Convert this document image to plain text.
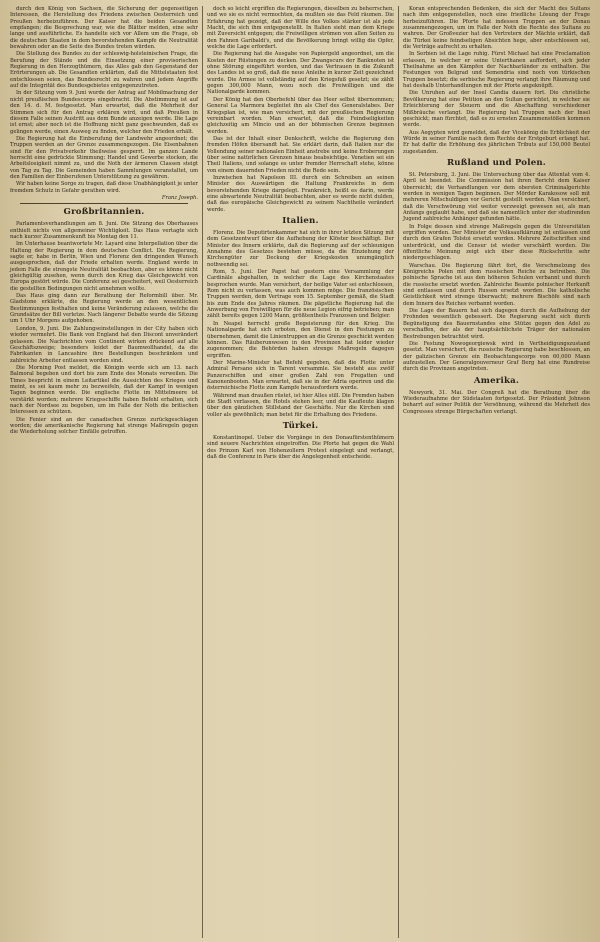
durch den König von Sachsen, die Sicherung der gegenseitigen Interessen, die Herstellung des Friedens zwischen Oesterreich und Preußen herbeizuführen. Der Kaiser hat die beiden Gesandten empfangen; die Besprechung war, wie die Blätter melden, eine sehr lange und ausführliche. Es handelte sich vor Allem um die Frage, ob die deutschen Staaten in dem bevorstehenden Kampfe die Neutralität bewahren oder an die Seite des Bundes treten würden.

Die Stellung des Bundes zu der schleswig-holsteinischen Frage, die Berufung der Stände und die Einsetzung einer provisorischen Regierung in den Herzogthümern, das Alles gab den Gegenstand der Erörterungen ab. Die Gesandten erklärten, daß die Mittelstaaten fest entschlossen seien, das Bundesrecht zu wahren und jedem Angriffe auf die Integrität des Bundesgebietes entgegenzutreten.

In der Sitzung vom 9. Juni wurde der Antrag auf Mobilmachung der nicht preußischen Bundescorps eingebracht. Die Abstimmung ist auf den 14. d. M. festgesetzt. Man erwartet, daß die Mehrheit der Stimmen sich für den Antrag erklären wird, und daß Preußen in diesem Falle seinen Austritt aus dem Bunde anzeigen werde. Die Lage ist ernst; aber noch ist die Hoffnung nicht ganz geschwunden, daß es gelingen werde, einen Ausweg zu finden, welcher den Frieden erhält.

Die Regierung hat die Einberufung der Landwehr angeordnet; die Truppen werden an der Grenze zusammengezogen. Die Eisenbahnen sind für den Privatverkehr theilweise gesperrt. Im ganzen Lande herrscht eine gedrückte Stimmung; Handel und Gewerbe stocken, die Arbeitslosigkeit nimmt zu, und die Noth der ärmeren Classen steigt von Tag zu Tag. Die Gemeinden haben Sammlungen veranstaltet, um den Familien der Einberufenen Unterstützung zu gewähren.

Wir haben keine Sorge zu tragen, daß diese Unabhängigkeit je unter fremdem Schutz in Gefahr gerathen wird.

Franz Joseph.
Großbritannien.

Parlamentsverhandlungen am 8. Juni. Die Sitzung des Oberhauses enthielt nichts von allgemeiner Wichtigkeit. Das Haus vertagte sich nach kurzer Zusammenkunft bis Montag den 11.

Im Unterhause beantwortete Mr. Layard eine Interpellation über die Haltung der Regierung in dem deutschen Conflict. Die Regierung, sagte er, habe in Berlin, Wien und Florenz den dringenden Wunsch ausgesprochen, daß der Friede erhalten werde. England werde in jedem Falle die strengste Neutralität beobachten, aber es könne nicht gleichgültig zusehen, wenn durch den Krieg das Gleichgewicht von Europa gestört würde. Die Conferenz sei gescheitert, weil Oesterreich die gestellten Bedingungen nicht annehmen wollte.

Das Haus ging dann zur Berathung der Reformbill über. Mr. Gladstone erklärte, die Regierung werde an den wesentlichen Bestimmungen festhalten und keine Veränderung zulassen, welche die Grundsätze der Bill verletze. Nach längerer Debatte wurde die Sitzung um 1 Uhr Morgens aufgehoben.

London, 9. Juni. Die Zahlungseinstellungen in der City haben sich wieder vermehrt. Die Bank von England hat den Discont unverändert gelassen. Die Nachrichten vom Continent wirken drückend auf alle Geschäftszweige; besonders leidet der Baumwollhandel, da die Fabrikanten in Lancashire ihre Bestellungen beschränken und zahlreiche Arbeiter entlassen worden sind.

Die Morning Post meldet, die Königin werde sich am 13. nach Balmoral begeben und dort bis zum Ende des Monats verweilen. Die Times bespricht in einem Leitartikel die Aussichten des Krieges und meint, es sei kaum mehr zu bezweifeln, daß der Kampf in wenigen Tagen beginnen werde. Die englische Flotte im Mittelmeere ist verstärkt worden; mehrere Kriegsschiffe haben Befehl erhalten, sich nach der Nordsee zu begeben, um im Falle der Noth die britischen Interessen zu schützen.

Die Fenier sind an der canadischen Grenze zurückgeschlagen worden; die amerikanische Regierung hat strenge Maßregeln gegen die Wiederholung solcher Einfälle getroffen.

doch so leicht ergriffen die Regierungen, dieselben zu beherrschen, und wo sie es nicht vermochten, da mußten sie das Feld räumen. Die Erfahrung hat gezeigt, daß der Wille des Volkes stärker ist als jede Macht, die sich ihm entgegenstellt. In Italien sieht man dem Kriege mit Zuversicht entgegen; die Freiwilligen strömen von allen Seiten zu den Fahnen Garibaldi's, und die Bevölkerung bringt willig die Opfer, welche die Lage erfordert.

Die Regierung hat die Ausgabe von Papiergeld angeordnet, um die Kosten der Rüstungen zu decken. Der Zwangscurs der Banknoten ist ohne Störung eingeführt worden, und das Vertrauen in die Zukunft des Landes ist so groß, daß die neue Anleihe in kurzer Zeit gezeichnet wurde. Die Armee ist vollständig auf den Kriegsfuß gesetzt; sie zählt gegen 300,000 Mann, wozu noch die Freiwilligen und die Nationalgarde kommen.

Der König hat den Oberbefehl über das Heer selbst übernommen; General La Marmora begleitet ihn als Chef des Generalstabes. Der Kriegsplan ist, wie man versichert, mit der preußischen Regierung vereinbart worden. Man erwartet, daß die Feindseligkeiten gleichzeitig am Mincio und an der böhmischen Grenze beginnen werden.

Das ist der Inhalt einer Denkschrift, welche die Regierung den fremden Höfen übersandt hat. Sie erklärt darin, daß Italien nur die Vollendung seiner nationalen Einheit anstrebe und keine Eroberungen über seine natürlichen Grenzen hinaus beabsichtige. Venetien sei ein Theil Italiens, und solange es unter fremder Herrschaft stehe, könne von einem dauernden Frieden nicht die Rede sein.

Inzwischen hat Napoleon III. durch ein Schreiben an seinen Minister des Auswärtigen die Haltung Frankreichs in dem bevorstehenden Kriege dargelegt. Frankreich, heißt es darin, werde eine abwartende Neutralität beobachten, aber es werde nicht dulden, daß das europäische Gleichgewicht zu seinem Nachtheile verändert werde.

Italien.

Florenz. Die Deputirtenkammer hat sich in ihrer letzten Sitzung mit dem Gesetzentwurf über die Aufhebung der Klöster beschäftigt. Der Minister des Innern erklärte, daß die Regierung auf der schleunigen Annahme des Gesetzes bestehen müsse, da die Einziehung der Kirchengüter zur Deckung der Kriegskosten unumgänglich nothwendig sei.

Rom, 5. Juni. Der Papst hat gestern eine Versammlung der Cardinäle abgehalten, in welcher die Lage des Kirchenstaates besprochen wurde. Man versichert, der heilige Vater sei entschlossen, Rom nicht zu verlassen, was auch kommen möge. Die französischen Truppen werden, dem Vertrage vom 15. September gemäß, die Stadt bis zum Ende des Jahres räumen. Die päpstliche Regierung hat die Anwerbung von Freiwilligen für die neue Legion eifrig betrieben; man zählt bereits gegen 1200 Mann, größtentheils Franzosen und Belgier.

In Neapel herrscht große Begeisterung für den Krieg. Die Nationalgarde hat sich erboten, den Dienst in den Festungen zu übernehmen, damit die Linientruppen an die Grenze geschickt werden können. Das Räuberunwesen in den Provinzen hat leider wieder zugenommen; die Behörden haben strenge Maßregeln dagegen ergriffen.

Der Marine-Minister hat Befehl gegeben, daß die Flotte unter Admiral Persano sich in Tarent versammle. Sie besteht aus zwölf Panzerschiffen und einer großen Zahl von Fregatten und Kanonenbooten. Man erwartet, daß sie in der Adria operiren und die österreichische Flotte zum Kampfe herausfordern werde.

Während man draußen rüstet, ist hier Alles still. Die Fremden haben die Stadt verlassen, die Hotels stehen leer, und die Kaufleute klagen über den gänzlichen Stillstand der Geschäfte. Nur die Kirchen sind voller als gewöhnlich; man betet für die Erhaltung des Friedens.

Türkei.

Konstantinopel. Ueber die Vorgänge in den Donaufürstenthümern sind neuere Nachrichten eingetroffen. Die Pforte hat gegen die Wahl des Prinzen Karl von Hohenzollern Protest eingelegt und verlangt, daß die Conferenz in Paris über die Angelegenheit entscheide.

Koran entsprechenden Bedenken, die sich der Macht des Sultans nach ihm entgegenstellen, noch eine friedliche Lösung der Frage herbeizuführen. Die Pforte hat indessen Truppen an der Donau zusammengezogen, um im Falle der Noth die Rechte des Sultans zu wahren. Der Großvezier hat den Vertretern der Mächte erklärt, daß die Türkei keine feindseligen Absichten hege, aber entschlossen sei, die Verträge aufrecht zu erhalten.

In Serbien ist die Lage ruhig. Fürst Michael hat eine Proclamation erlassen, in welcher er seine Unterthanen auffordert, sich jeder Theilnahme an den Kämpfen der Nachbarländer zu enthalten. Die Festungen von Belgrad und Semendria sind noch von türkischen Truppen besetzt; die serbische Regierung verlangt ihre Räumung und hat deshalb Unterhandlungen mit der Pforte angeknüpft.

Die Unruhen auf der Insel Candia dauern fort. Die christliche Bevölkerung hat eine Petition an den Sultan gerichtet, in welcher sie Erleichterung der Steuern und die Abschaffung verschiedener Mißbräuche verlangt. Die Regierung hat Truppen nach der Insel geschickt; man fürchtet, daß es zu ernsten Zusammenstößen kommen werde.

Aus Aegypten wird gemeldet, daß der Vicekönig die Erblichkeit der Würde in seiner Familie nach dem Rechte der Erstgeburt erlangt hat. Er hat dafür die Erhöhung des jährlichen Tributs auf 150,000 Beutel zugestanden.

Rußland und Polen.

St. Petersburg, 3. Juni. Die Untersuchung über das Attentat vom 4. April ist beendet. Die Commission hat ihren Bericht dem Kaiser überreicht; die Verhandlungen vor dem obersten Criminalgerichte werden in wenigen Tagen beginnen. Der Mörder Karakosow soll mit mehreren Mitschuldigen vor Gericht gestellt werden. Man versichert, daß die Verschwörung viel weiter verzweigt gewesen sei, als man Anfangs geglaubt habe, und daß sie namentlich unter der studirenden Jugend zahlreiche Anhänger gefunden hätte.

In Folge dessen sind strenge Maßregeln gegen die Universitäten ergriffen worden. Der Minister der Volksaufklärung ist entlassen und durch den Grafen Tolstoi ersetzt worden. Mehrere Zeitschriften sind unterdrückt, und die Censur ist wieder verschärft worden. Die öffentliche Meinung zeigt sich über diese Rückschritte sehr niedergeschlagen.

Warschau. Die Regierung fährt fort, die Verschmelzung des Königreichs Polen mit dem russischen Reiche zu betreiben. Die polnische Sprache ist aus den höheren Schulen verbannt und durch die russische ersetzt worden. Zahlreiche Beamte polnischer Herkunft sind entlassen und durch Russen ersetzt worden. Die katholische Geistlichkeit wird strenge überwacht; mehrere Bischöfe sind nach dem Innern des Reiches verbannt worden.

Die Lage der Bauern hat sich dagegen durch die Aufhebung der Frohnden wesentlich gebessert. Die Regierung sucht sich durch Begünstigung des Bauernstandes eine Stütze gegen den Adel zu verschaffen, der als der hauptsächlichste Träger der nationalen Bestrebungen betrachtet wird.

Die Festung Nowogeorgiewsk wird in Vertheidigungszustand gesetzt. Man versichert, die russische Regierung habe beschlossen, an der galizischen Grenze ein Beobachtungscorps von 60,000 Mann aufzustellen. Der Generalgouverneur Graf Berg hat eine Rundreise durch die Provinzen angetreten.

Amerika.

Newyork, 31. Mai. Der Congreß hat die Berathung über die Wiederaufnahme der Südstaaten fortgesetzt. Der Präsident Johnson beharrt auf seiner Politik der Versöhnung, während die Mehrheit des Congresses strenge Bürgschaften verlangt.
